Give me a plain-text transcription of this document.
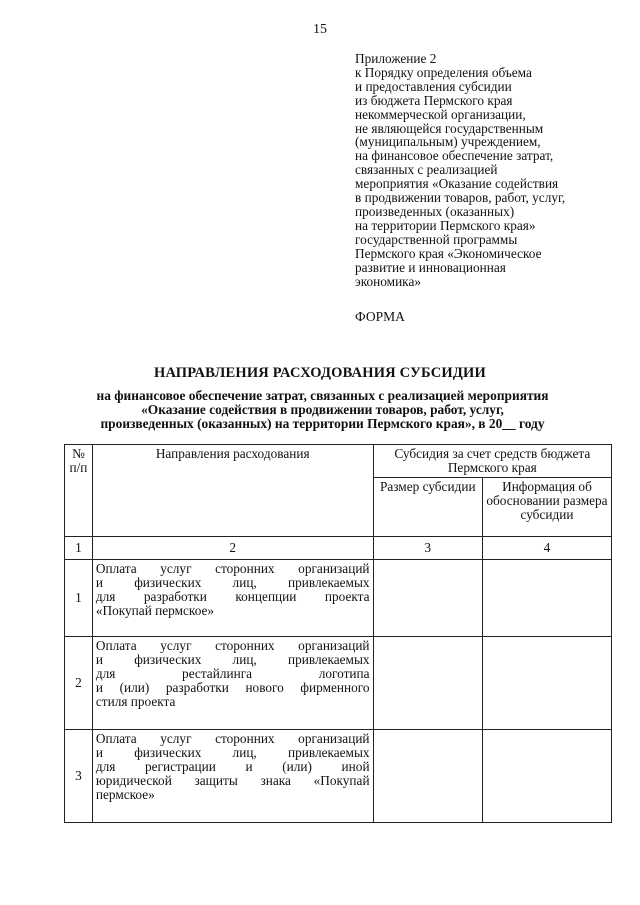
15
Приложение 2
к Порядку определения объема
и предоставления субсидии
из бюджета Пермского края
некоммерческой организации,
не являющейся государственным
(муниципальным) учреждением,
на финансовое обеспечение затрат,
связанных с реализацией
мероприятия «Оказание содействия
в продвижении товаров, работ, услуг,
произведенных (оказанных)
на территории Пермского края»
государственной программы
Пермского края «Экономическое
развитие и инновационная
экономика»
ФОРМА
НАПРАВЛЕНИЯ РАСХОДОВАНИЯ СУБСИДИИ
на финансовое обеспечение затрат, связанных с реализацией мероприятия
«Оказание содействия в продвижении товаров, работ, услуг,
произведенных (оказанных) на территории Пермского края», в 20__ году
№ п/п	Направления расходования	Субсидия за счет средств бюджета Пермского края	
		Размер субсидии	Информация об обосновании размера субсидии
1	2	3	4
1	Оплата услуг сторонних организаций
и физических лиц, привлекаемых
для разработки концепции проекта
«Покупай пермское»		

2	Оплата услуг сторонних организаций
и физических лиц, привлекаемых
для рестайлинга логотипа
и (или) разработки нового фирменного
стиля проекта		

3	Оплата услуг сторонних организаций
и физических лиц, привлекаемых
для регистрации и (или) иной
юридической защиты знака «Покупай
пермское»		
